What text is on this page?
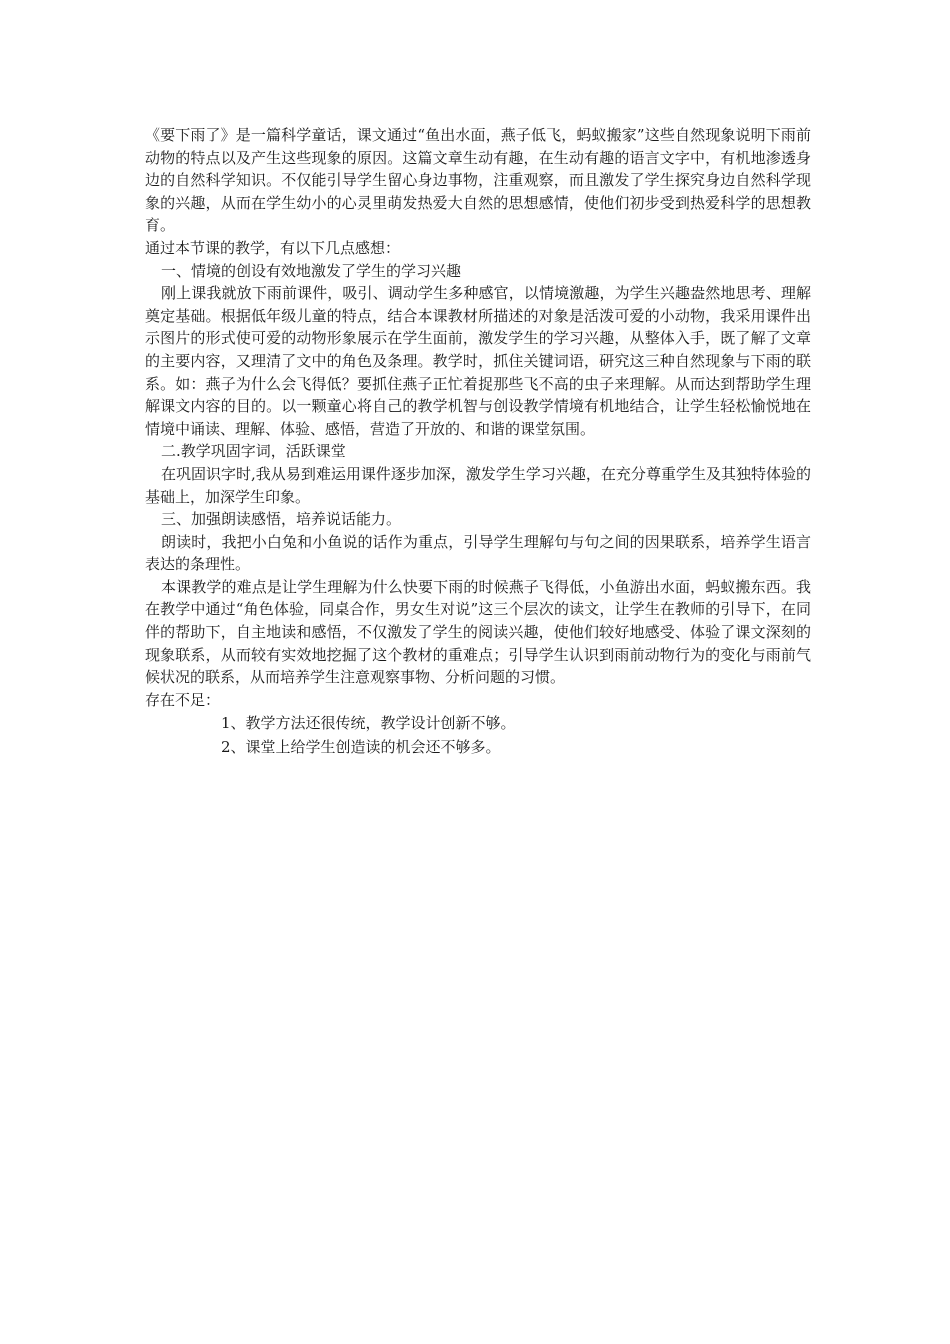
《要下雨了》是一篇科学童话，课文通过“鱼出水面，燕子低飞，蚂蚁搬家”这些自然现象说明下雨前动物的特点以及产生这些现象的原因。这篇文章生动有趣，在生动有趣的语言文字中，有机地渗透身边的自然科学知识。不仅能引导学生留心身边事物，注重观察，而且激发了学生探究身边自然科学现象的兴趣，从而在学生幼小的心灵里萌发热爱大自然的思想感情，使他们初步受到热爱科学的思想教育。

通过本节课的教学，有以下几点感想：

一、情境的创设有效地激发了学生的学习兴趣

刚上课我就放下雨前课件，吸引、调动学生多种感官，以情境激趣，为学生兴趣盎然地思考、理解奠定基础。根据低年级儿童的特点，结合本课教材所描述的对象是活泼可爱的小动物，我采用课件出示图片的形式使可爱的动物形象展示在学生面前，激发学生的学习兴趣，从整体入手，既了解了文章的主要内容，又理清了文中的角色及条理。教学时，抓住关键词语，研究这三种自然现象与下雨的联系。如：燕子为什么会飞得低？要抓住燕子正忙着捉那些飞不高的虫子来理解。从而达到帮助学生理解课文内容的目的。以一颗童心将自己的教学机智与创设教学情境有机地结合，让学生轻松愉悦地在情境中诵读、理解、体验、感悟，营造了开放的、和谐的课堂氛围。

二.教学巩固字词，活跃课堂

在巩固识字时,我从易到难运用课件逐步加深，激发学生学习兴趣，在充分尊重学生及其独特体验的基础上，加深学生印象。

三、加强朗读感悟，培养说话能力。

朗读时，我把小白兔和小鱼说的话作为重点，引导学生理解句与句之间的因果联系，培养学生语言表达的条理性。

本课教学的难点是让学生理解为什么快要下雨的时候燕子飞得低，小鱼游出水面，蚂蚁搬东西。我在教学中通过“角色体验，同桌合作，男女生对说”这三个层次的读文，让学生在教师的引导下，在同伴的帮助下，自主地读和感悟，不仅激发了学生的阅读兴趣，使他们较好地感受、体验了课文深刻的现象联系，从而较有实效地挖掘了这个教材的重难点；引导学生认识到雨前动物行为的变化与雨前气候状况的联系，从而培养学生注意观察事物、分析问题的习惯。

存在不足：

1、教学方法还很传统，教学设计创新不够。

2、课堂上给学生创造读的机会还不够多。
